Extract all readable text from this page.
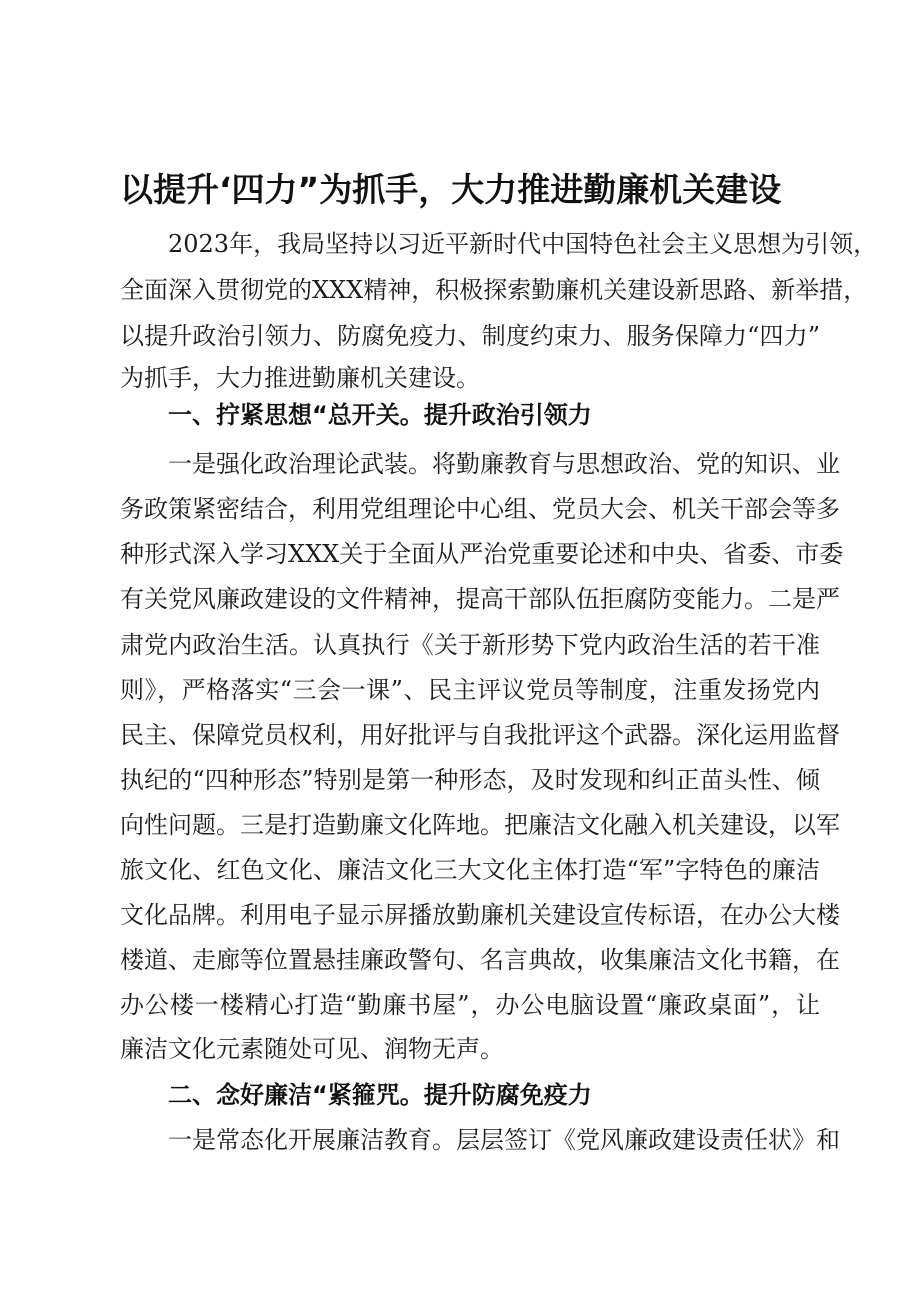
以提升‘四力”为抓手，大力推进勤廉机关建设
2023年，我局坚持以习近平新时代中国特色社会主义思想为引领，
全面深入贯彻党的XXX精神，积极探索勤廉机关建设新思路、新举措，
以提升政治引领力、防腐免疫力、制度约束力、服务保障力“四力”
为抓手，大力推进勤廉机关建设。
一、拧紧思想“总开关。提升政治引领力
一是强化政治理论武装。将勤廉教育与思想政治、党的知识、业
务政策紧密结合，利用党组理论中心组、党员大会、机关干部会等多
种形式深入学习XXX关于全面从严治党重要论述和中央、省委、市委
有关党风廉政建设的文件精神，提高干部队伍拒腐防变能力。二是严
肃党内政治生活。认真执行《关于新形势下党内政治生活的若干准
则》，严格落实“三会一课”、民主评议党员等制度，注重发扬党内
民主、保障党员权利，用好批评与自我批评这个武器。深化运用监督
执纪的“四种形态”特别是第一种形态，及时发现和纠正苗头性、倾
向性问题。三是打造勤廉文化阵地。把廉洁文化融入机关建设，以军
旅文化、红色文化、廉洁文化三大文化主体打造“军”字特色的廉洁
文化品牌。利用电子显示屏播放勤廉机关建设宣传标语，在办公大楼
楼道、走廊等位置悬挂廉政警句、名言典故，收集廉洁文化书籍，在
办公楼一楼精心打造“勤廉书屋”，办公电脑设置“廉政桌面”，让
廉洁文化元素随处可见、润物无声。
二、念好廉洁“紧箍咒。提升防腐免疫力
一是常态化开展廉洁教育。层层签订《党风廉政建设责任状》和
